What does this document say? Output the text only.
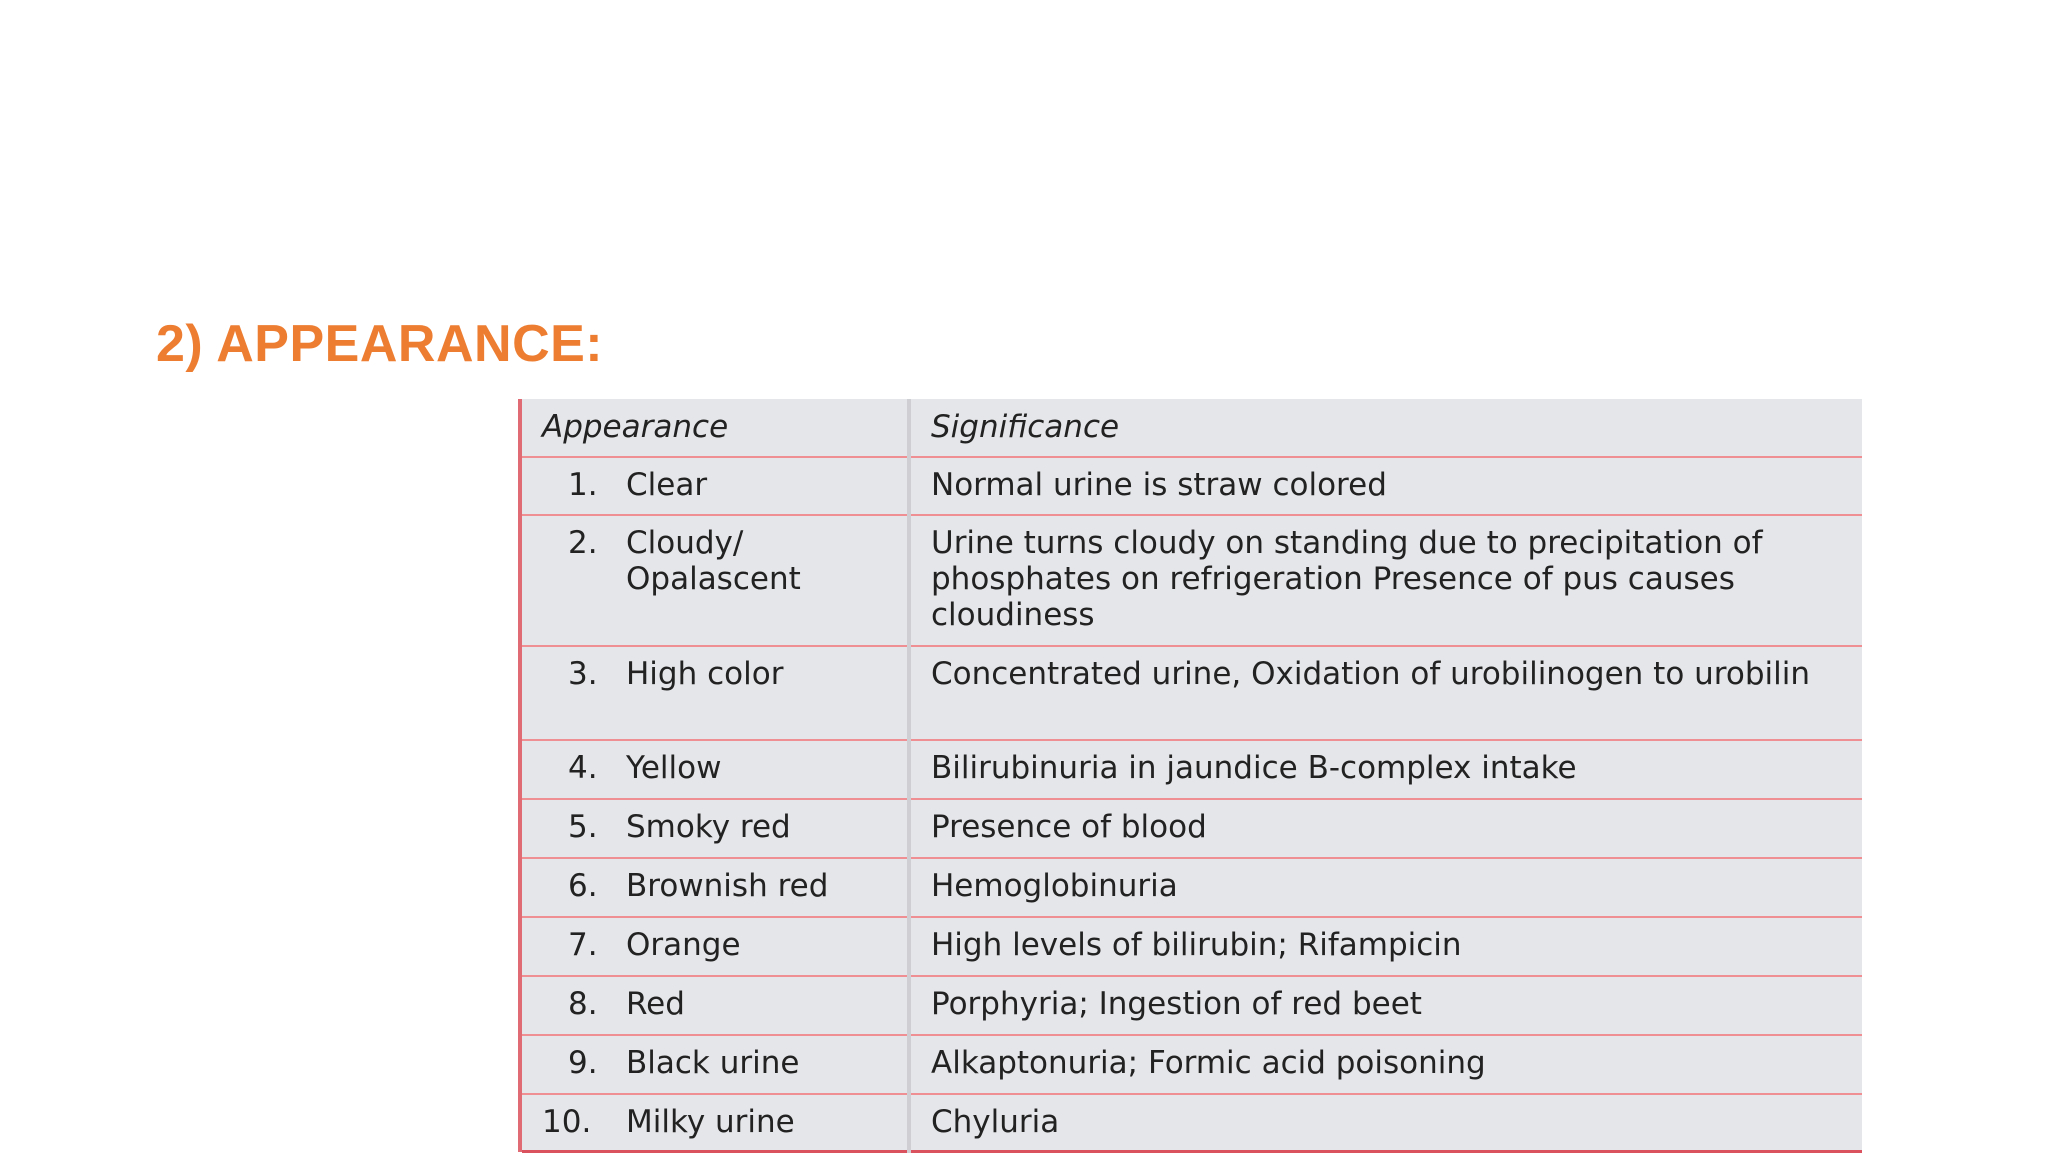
2) APPEARANCE:
Appearance	Significance

1. Clear	Normal urine is straw colored

2. Cloudy/ Opalascent	Urine turns cloudy on standing due to precipitation of phosphates on refrigeration Presence of pus causes cloudiness

3. High color	Concentrated urine, Oxidation of urobilinogen to urobilin

4. Yellow	Bilirubinuria in jaundice B-complex intake

5. Smoky red	Presence of blood

6. Brownish red	Hemoglobinuria

7. Orange	High levels of bilirubin; Rifampicin

8. Red	Porphyria; Ingestion of red beet

9. Black urine	Alkaptonuria; Formic acid poisoning

10. Milky urine	Chyluria
